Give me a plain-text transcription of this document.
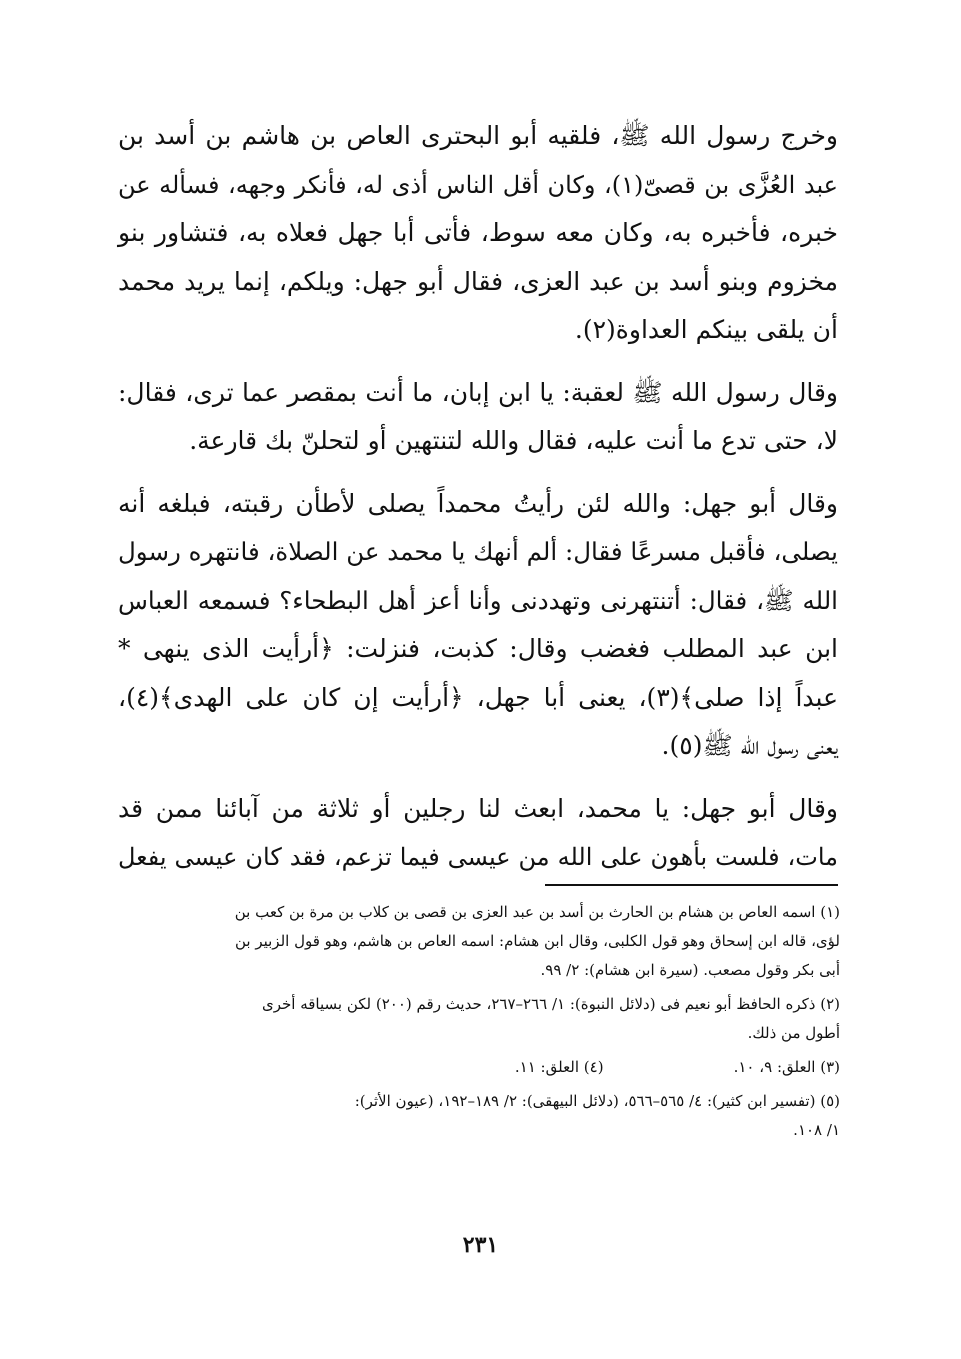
وخرج رسول الله ﷺ، فلقيه أبو البحترى العاص بن هاشم بن أسد بن
عبد العُزَّى بن قصىّ(١)، وكان أقل الناس أذى له، فأنكر وجهه، فسأله عن
خبره، فأخبره به، وكان معه سوط، فأتى أبا جهل فعلاه به، فتشاور بنو
مخزوم وبنو أسد بن عبد العزى، فقال أبو جهل: ويلكم، إنما يريد محمد
أن يلقى بينكم العداوة(٢).

وقال رسول الله ﷺ لعقبة: يا ابن إبان، ما أنت بمقصر عما ترى، فقال:
لا، حتى تدع ما أنت عليه، فقال والله لتنتهين أو لتحلنّ بك قارعة.

وقال أبو جهل: والله لئن رأيتُ محمداً يصلى لأطأن رقبته، فبلغه أنه
يصلى، فأقبل مسرعًا فقال: ألم أنهك يا محمد عن الصلاة، فانتهره رسول
الله ﷺ، فقال: أتنتهرنى وتهددنى وأنا أعز أهل البطحاء؟ فسمعه العباس
ابن عبد المطلب فغضب وقال: كذبت، فنزلت: ﴿أرأيت الذى ينهى *
عبداً إذا صلى﴾(٣)، يعنى أبا جهل، ﴿أرأيت إن كان على الهدى﴾(٤)،
يعنى رسول الله ﷺ(٥).

وقال أبو جهل: يا محمد، ابعث لنا رجلين أو ثلاثة من آبائنا ممن قد
مات، فلست بأهون على الله من عيسى فيما تزعم، فقد كان عيسى يفعل

(١) اسمه العاص بن هشام بن الحارث بن أسد بن عبد العزى بن قصى بن كلاب بن مرة بن كعب بن
لؤى، قاله ابن إسحاق وهو قول الكلبى، وقال ابن هشام: اسمه العاص بن هاشم، وهو قول الزبير بن
أبى بكر وقول مصعب. (سيرة ابن هشام): ٢/ ٩٩.
(٢) ذكره الحافظ أبو نعيم فى (دلائل النبوة): ١/ ٢٦٦–٢٦٧، حديث رقم (٢٠٠) لكن بسياقه أخرى
أطول من ذلك.
(٣) العلق: ٩، ١٠.
(٤) العلق: ١١.
(٥) (تفسير ابن كثير): ٤/ ٥٦٥–٥٦٦، (دلائل البيهقى): ٢/ ١٨٩–١٩٢، (عيون الأثر):
١/ ١٠٨.
٢٣١
